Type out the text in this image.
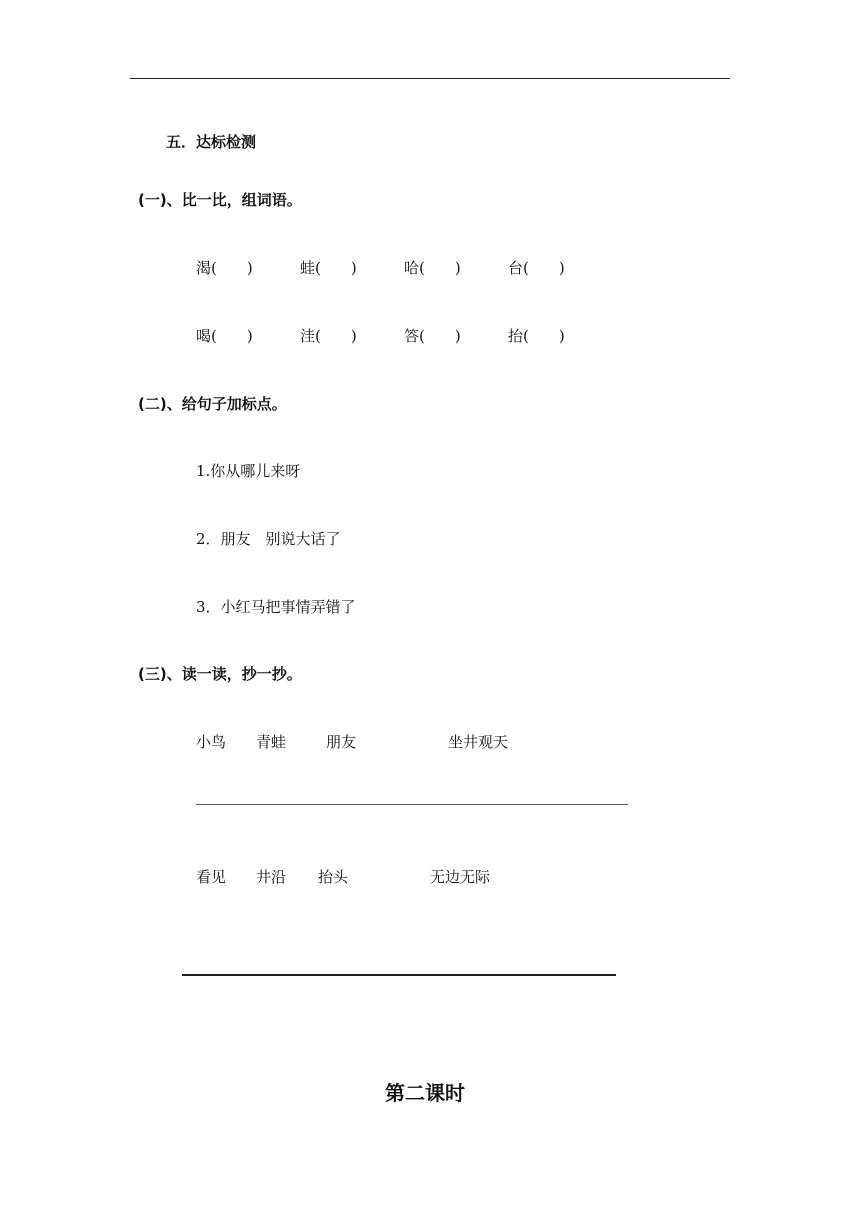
五．达标检测
(一)、比一比，组词语。
渴(　　)	蛙(　　)	哈(　　)	台(　　)
喝(　　)	洼(　　)	答(　　)	抬(　　)
(二)、给句子加标点。
1.你从哪儿来呀
2．朋友　别说大话了
3．小红马把事情弄错了
(三)、读一读，抄一抄。
小鸟 青蛙	朋友	坐井观天
看见 井沿 抬头	无边无际
第二课时
